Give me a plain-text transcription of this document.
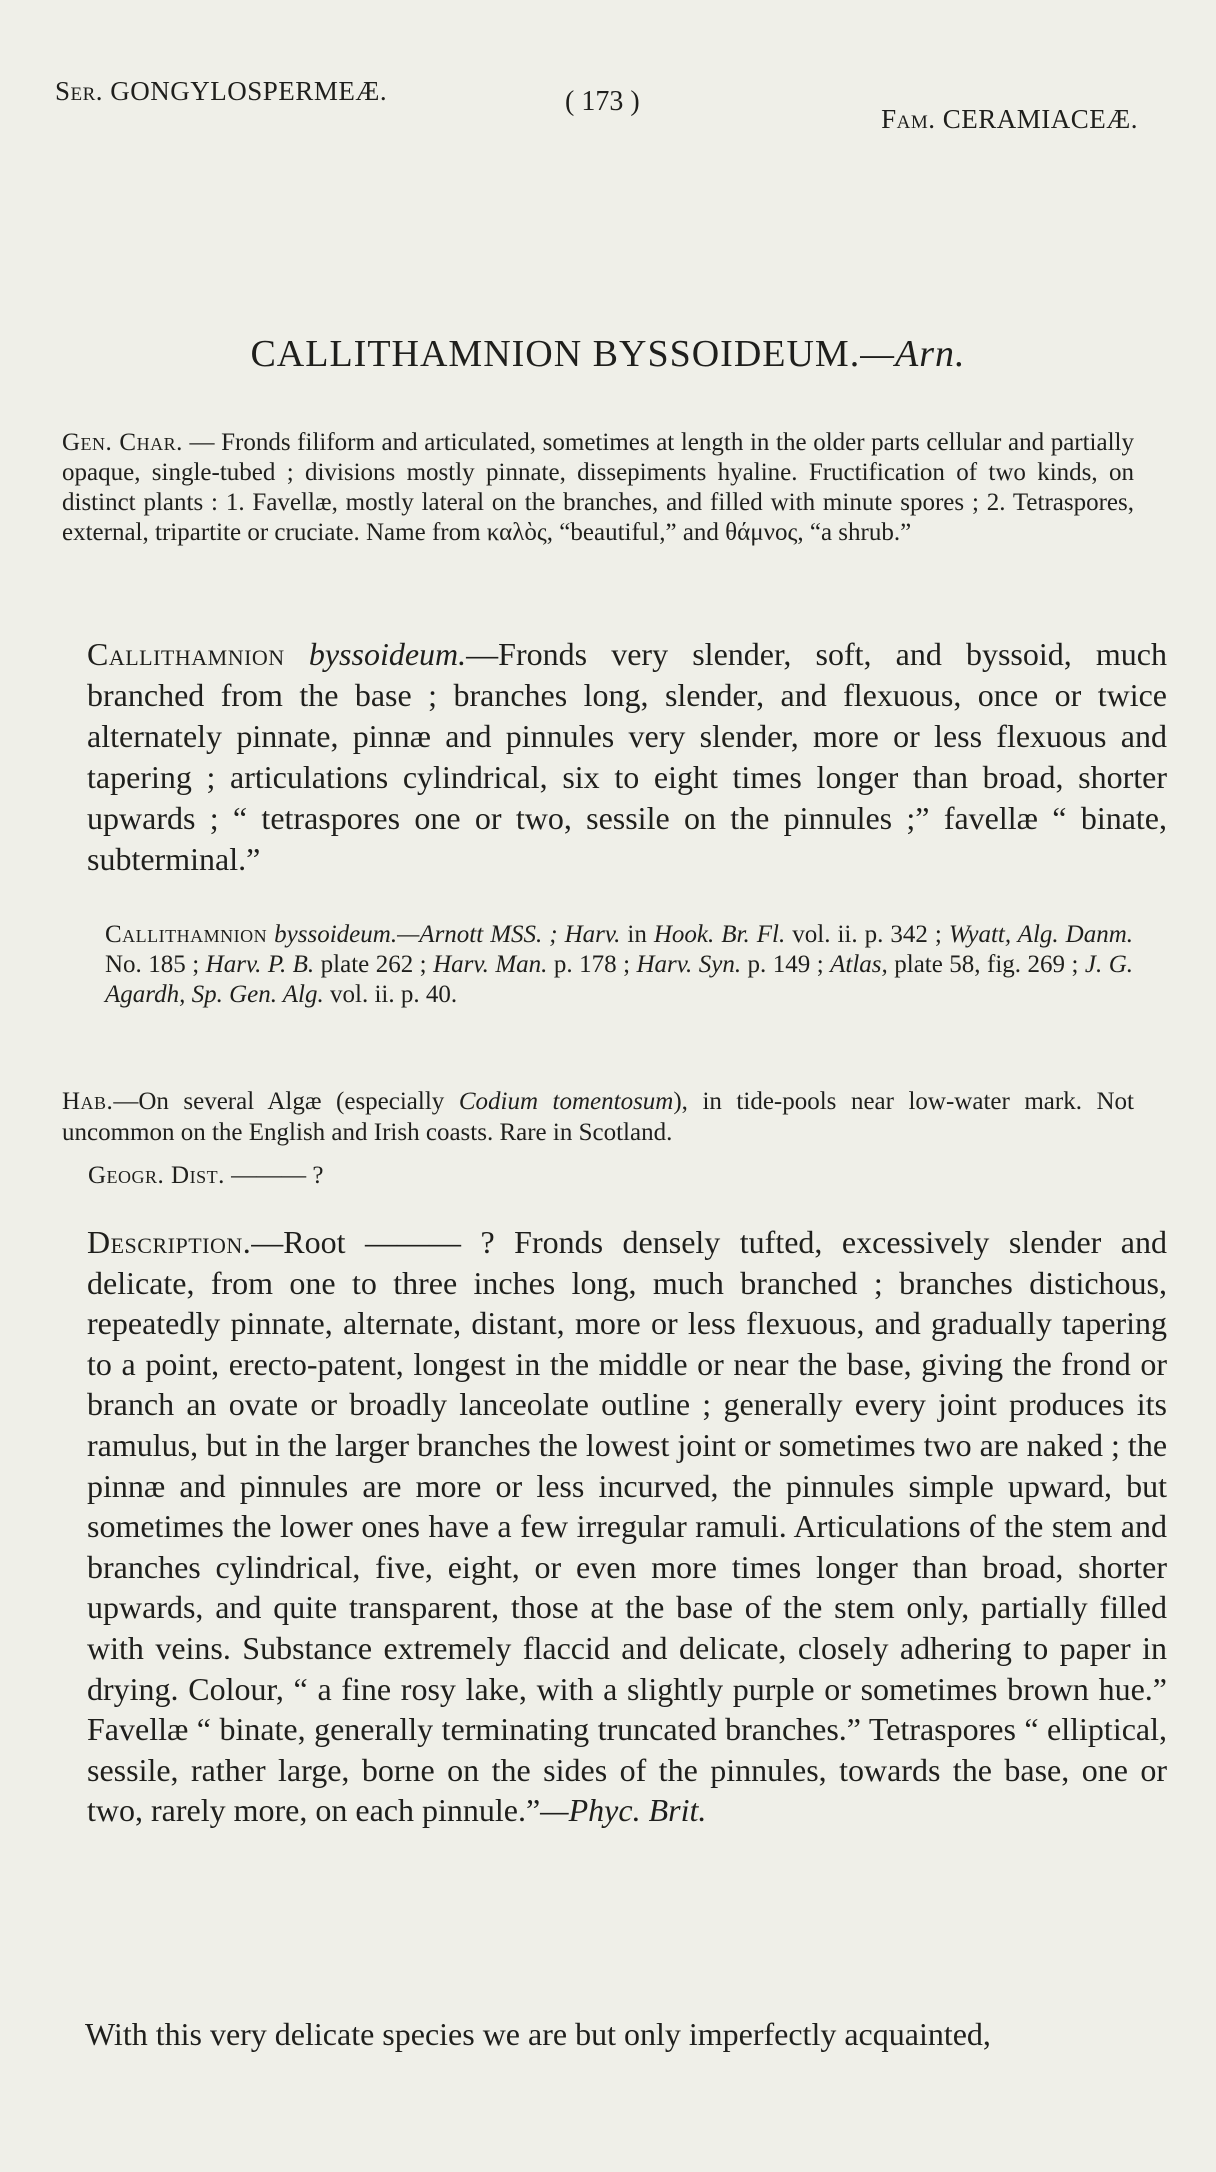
Ser. GONGYLOSPERMEÆ.	( 173 )
Fam. CERAMIACEÆ.
CALLITHAMNION BYSSOIDEUM.—Arn.
Gen. Char. — Fronds filiform and articulated, sometimes at length in the older parts cellular and partially opaque, single-tubed ; divisions mostly pinnate, dissepiments hyaline. Fructification of two kinds, on distinct plants : 1. Favellæ, mostly lateral on the branches, and filled with minute spores ; 2. Tetraspores, external, tripartite or cruciate. Name from καλὸς, “beautiful,” and θάμνος, “a shrub.”
Callithamnion byssoideum.—Fronds very slender, soft, and byssoid, much branched from the base ; branches long, slender, and flexuous, once or twice alternately pinnate, pinnæ and pinnules very slender, more or less flexuous and tapering ; articulations cylindrical, six to eight times longer than broad, shorter upwards ; “ tetraspores one or two, sessile on the pinnules ;” favellæ “ binate, subterminal.”
Callithamnion byssoideum.—Arnott MSS. ; Harv. in Hook. Br. Fl. vol. ii. p. 342 ; Wyatt, Alg. Danm. No. 185 ; Harv. P. B. plate 262 ; Harv. Man. p. 178 ; Harv. Syn. p. 149 ; Atlas, plate 58, fig. 269 ; J. G. Agardh, Sp. Gen. Alg. vol. ii. p. 40.
Hab.—On several Algæ (especially Codium tomentosum), in tide-pools near low-water mark. Not uncommon on the English and Irish coasts. Rare in Scotland.
Geogr. Dist. ——— ?
Description.—Root ——— ? Fronds densely tufted, excessively slender and delicate, from one to three inches long, much branched ; branches distichous, repeatedly pinnate, alternate, distant, more or less flexuous, and gradually tapering to a point, erecto-patent, longest in the middle or near the base, giving the frond or branch an ovate or broadly lanceolate outline ; generally every joint produces its ramulus, but in the larger branches the lowest joint or sometimes two are naked ; the pinnæ and pinnules are more or less incurved, the pinnules simple upward, but sometimes the lower ones have a few irregular ramuli. Articulations of the stem and branches cylindrical, five, eight, or even more times longer than broad, shorter upwards, and quite transparent, those at the base of the stem only, partially filled with veins. Substance extremely flaccid and delicate, closely adhering to paper in drying. Colour, “ a fine rosy lake, with a slightly purple or sometimes brown hue.” Favellæ “ binate, generally terminating truncated branches.” Tetraspores “ elliptical, sessile, rather large, borne on the sides of the pinnules, towards the base, one or two, rarely more, on each pinnule.”—Phyc. Brit.
With this very delicate species we are but only imperfectly acquainted,
